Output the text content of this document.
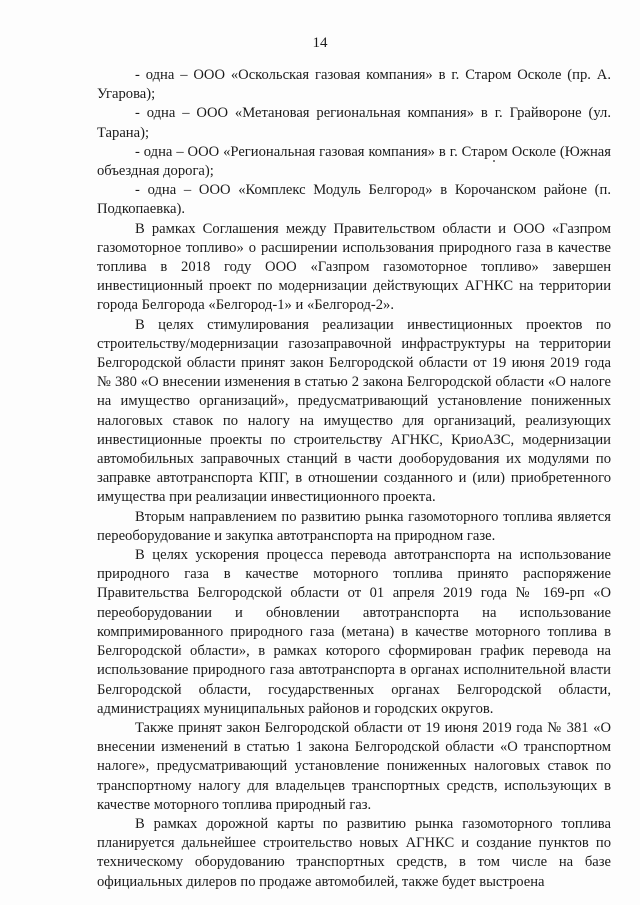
14

- одна – ООО «Оскольская газовая компания» в г. Старом Осколе (пр. А. Угарова);

- одна – ООО «Метановая региональная компания» в г. Грайвороне (ул. Тарана);

- одна – ООО «Региональная газовая компания» в г. Старом Осколе (Южная объездная дорога);

- одна – ООО «Комплекс Модуль Белгород» в Корочанском районе (п. Подкопаевка).

В рамках Соглашения между Правительством области и ООО «Газпром газомоторное топливо» о расширении использования природного газа в качестве топлива в 2018 году ООО «Газпром газомоторное топливо» завершен инвестиционный проект по модернизации действующих АГНКС на территории города Белгорода «Белгород-1» и «Белгород-2».

В целях стимулирования реализации инвестиционных проектов по строительству/модернизации газозаправочной инфраструктуры на территории Белгородской области принят закон Белгородской области от 19 июня 2019 года № 380 «О внесении изменения в статью 2 закона Белгородской области «О налоге на имущество организаций», предусматривающий установление пониженных налоговых ставок по налогу на имущество для организаций, реализующих инвестиционные проекты по строительству АГНКС, КриоАЗС, модернизации автомобильных заправочных станций в части дооборудования их модулями по заправке автотранспорта КПГ, в отношении созданного и (или) приобретенного имущества при реализации инвестиционного проекта.

Вторым направлением по развитию рынка газомоторного топлива является переоборудование и закупка автотранспорта на природном газе.

В целях ускорения процесса перевода автотранспорта на использование природного газа в качестве моторного топлива принято распоряжение Правительства Белгородской области от 01 апреля 2019 года № 169-рп «О переоборудовании и обновлении автотранспорта на использование компримированного природного газа (метана) в качестве моторного топлива в Белгородской области», в рамках которого сформирован график перевода на использование природного газа автотранспорта в органах исполнительной власти Белгородской области, государственных органах Белгородской области, администрациях муниципальных районов и городских округов.

Также принят закон Белгородской области от 19 июня 2019 года № 381 «О внесении изменений в статью 1 закона Белгородской области «О транспортном налоге», предусматривающий установление пониженных налоговых ставок по транспортному налогу для владельцев транспортных средств, использующих в качестве моторного топлива природный газ.

В рамках дорожной карты по развитию рынка газомоторного топлива планируется дальнейшее строительство новых АГНКС и создание пунктов по техническому оборудованию транспортных средств, в том числе на базе официальных дилеров по продаже автомобилей, также будет выстроена
